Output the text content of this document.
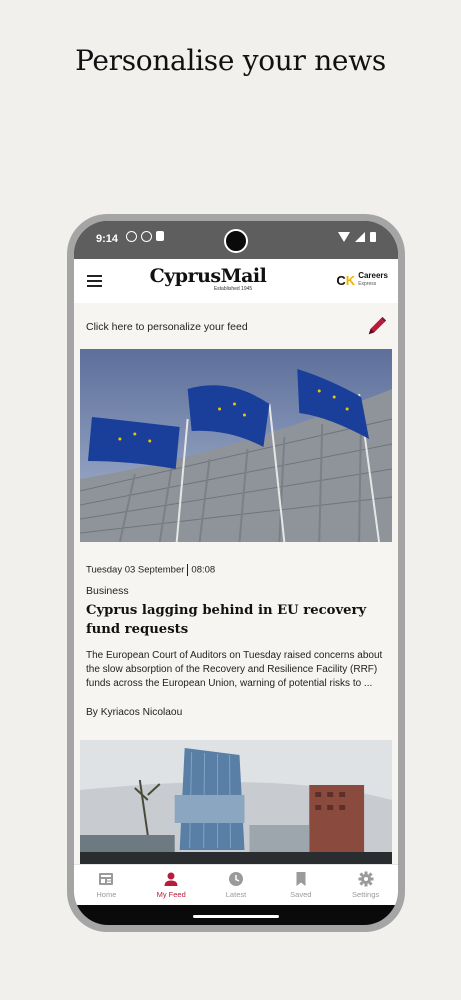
Personalise your news
9:14
CyprusMail
Established 1945
CK Careers
Express
Click here to personalize your feed
Tuesday 03 September 08:08
Business
Cyprus lagging behind in EU recovery fund requests
The European Court of Auditors on Tuesday raised concerns about the slow absorption of the Recovery and Resilience Facility (RRF) funds across the European Union, warning of potential risks to ...
By Kyriacos Nicolaou
Home	My Feed	Latest	Saved	Settings
